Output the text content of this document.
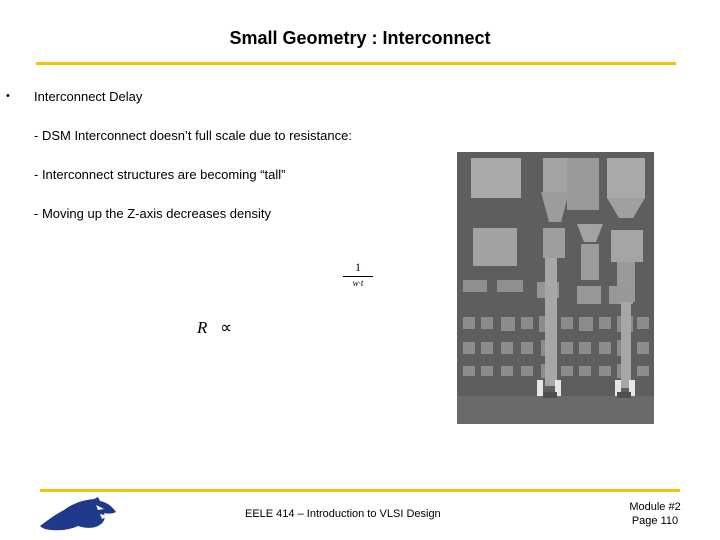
Small Geometry : Interconnect
• Interconnect Delay
- DSM Interconnect doesn’t full scale due to resistance:
- Interconnect structures are becoming “tall”
- Moving up the Z-axis decreases density
1
w·t
R ∝
EELE 414 – Introduction to VLSI Design
Module #2
Page 110
